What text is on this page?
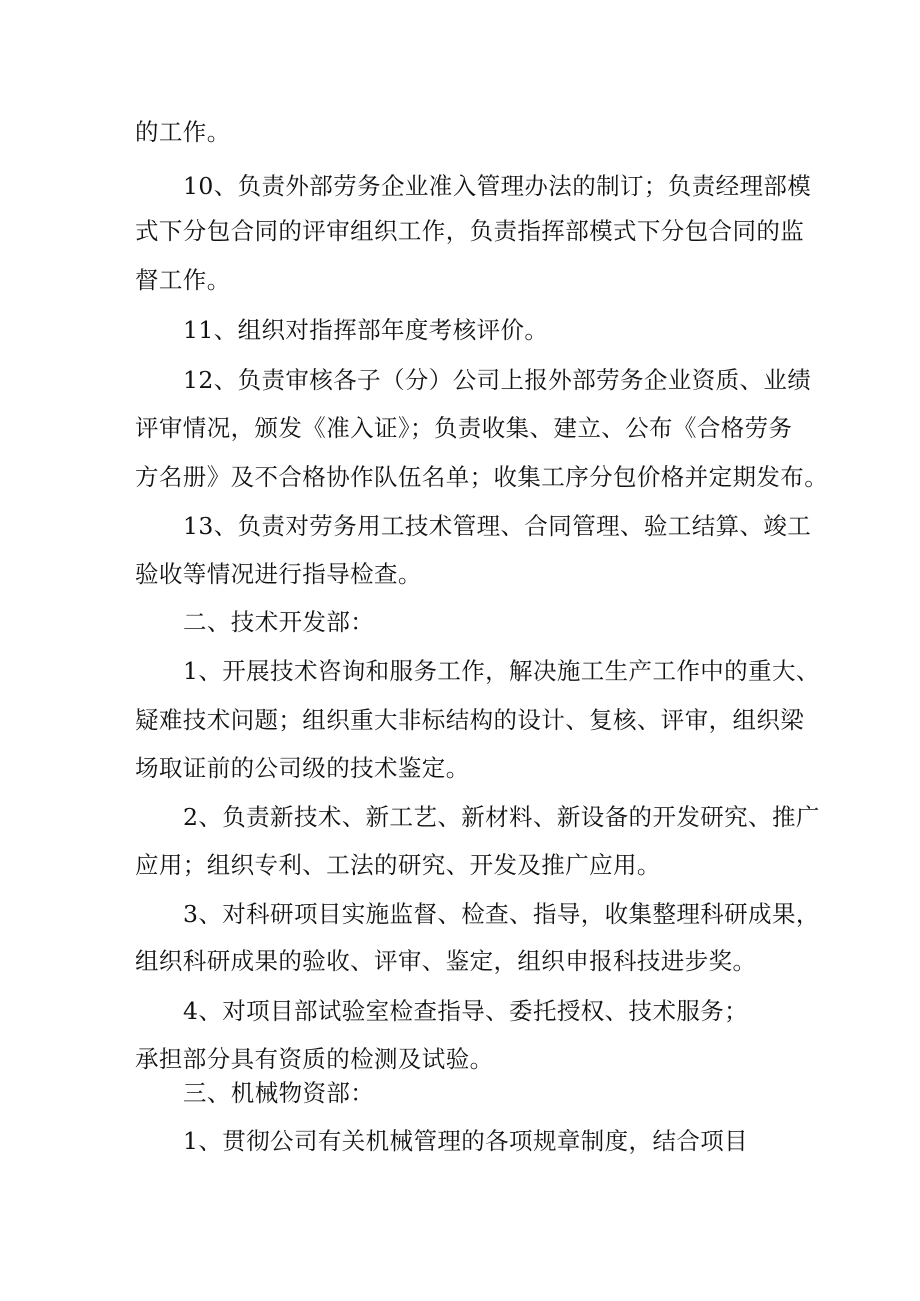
的工作。
10、负责外部劳务企业准入管理办法的制订；负责经理部模
式下分包合同的评审组织工作，负责指挥部模式下分包合同的监
督工作。
11、组织对指挥部年度考核评价。
12、负责审核各子（分）公司上报外部劳务企业资质、业绩
评审情况，颁发《准入证》；负责收集、建立、公布《合格劳务
方名册》及不合格协作队伍名单；收集工序分包价格并定期发布。
13、负责对劳务用工技术管理、合同管理、验工结算、竣工
验收等情况进行指导检查。
二、技术开发部：
1、开展技术咨询和服务工作，解决施工生产工作中的重大、
疑难技术问题；组织重大非标结构的设计、复核、评审，组织梁
场取证前的公司级的技术鉴定。
2、负责新技术、新工艺、新材料、新设备的开发研究、推广
应用；组织专利、工法的研究、开发及推广应用。
3、对科研项目实施监督、检查、指导，收集整理科研成果，
组织科研成果的验收、评审、鉴定，组织申报科技进步奖。
4、对项目部试验室检查指导、委托授权、技术服务；
承担部分具有资质的检测及试验。
三、机械物资部：
1、贯彻公司有关机械管理的各项规章制度，结合项目
